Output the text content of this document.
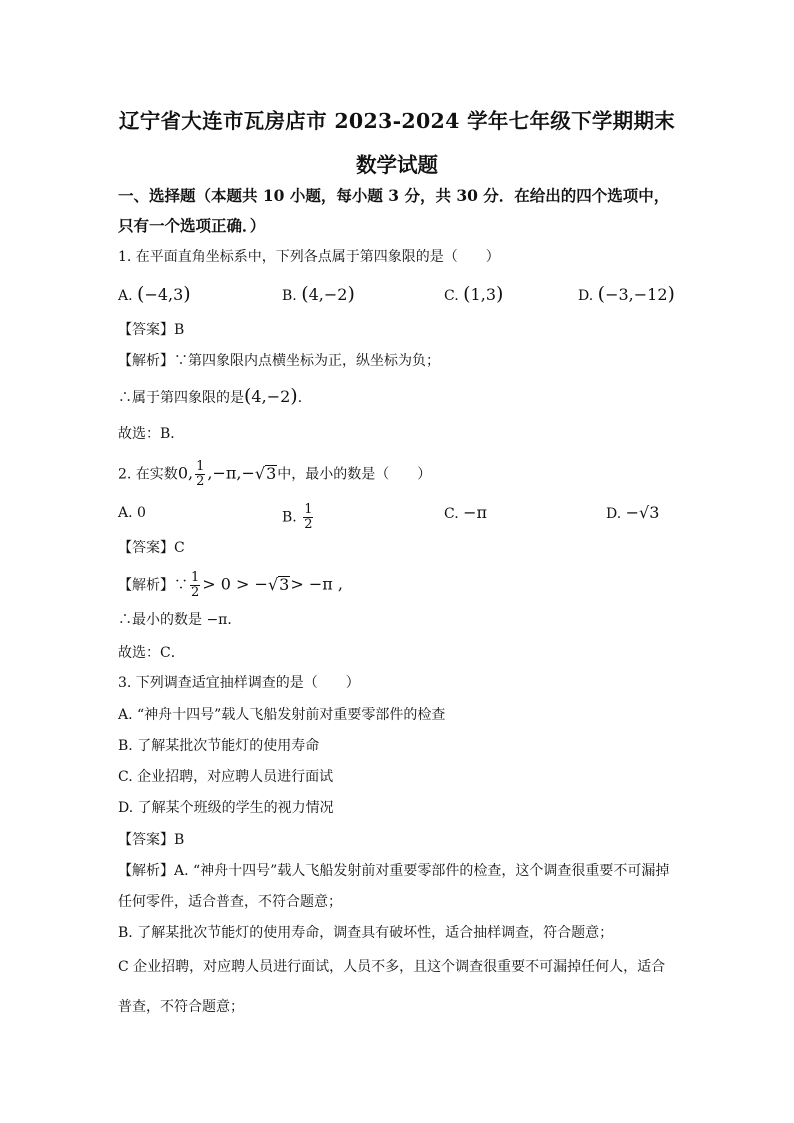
辽宁省大连市瓦房店市 2023-2024 学年七年级下学期期末
数学试题
一、选择题（本题共 10 小题，每小题 3 分，共 30 分．在给出的四个选项中，
只有一个选项正确．）
1. 在平面直角坐标系中，下列各点属于第四象限的是（　　）
A. (−4,3)	B. (4,−2)	C. (1,3)	D. (−3,−12)
【答案】B
【解析】∵第四象限内点横坐标为正，纵坐标为负；
∴属于第四象限的是(4,−2)．
故选：B．
2. 在实数0, $\frac{1}{2} ,-\pi,-√3$中，最小的数是（　　）
A. 0	B. $\frac{1}{2}$	C. −π	D. −√3
【答案】C
【解析】∵ $\frac{1}{2} > 0 > -√3> -\pi$ ,
∴最小的数是 −π．
故选：C．
3. 下列调查适宜抽样调查的是（　　）
A. “神舟十四号”载人飞船发射前对重要零部件的检查
B. 了解某批次节能灯的使用寿命
C. 企业招聘，对应聘人员进行面试
D. 了解某个班级的学生的视力情况
【答案】B
【解析】A. “神舟十四号”载人飞船发射前对重要零部件的检查，这个调查很重要不可漏掉
任何零件，适合普查，不符合题意；
B. 了解某批次节能灯的使用寿命，调查具有破坏性，适合抽样调查，符合题意；
C 企业招聘，对应聘人员进行面试，人员不多，且这个调查很重要不可漏掉任何人，适合
普查，不符合题意；
